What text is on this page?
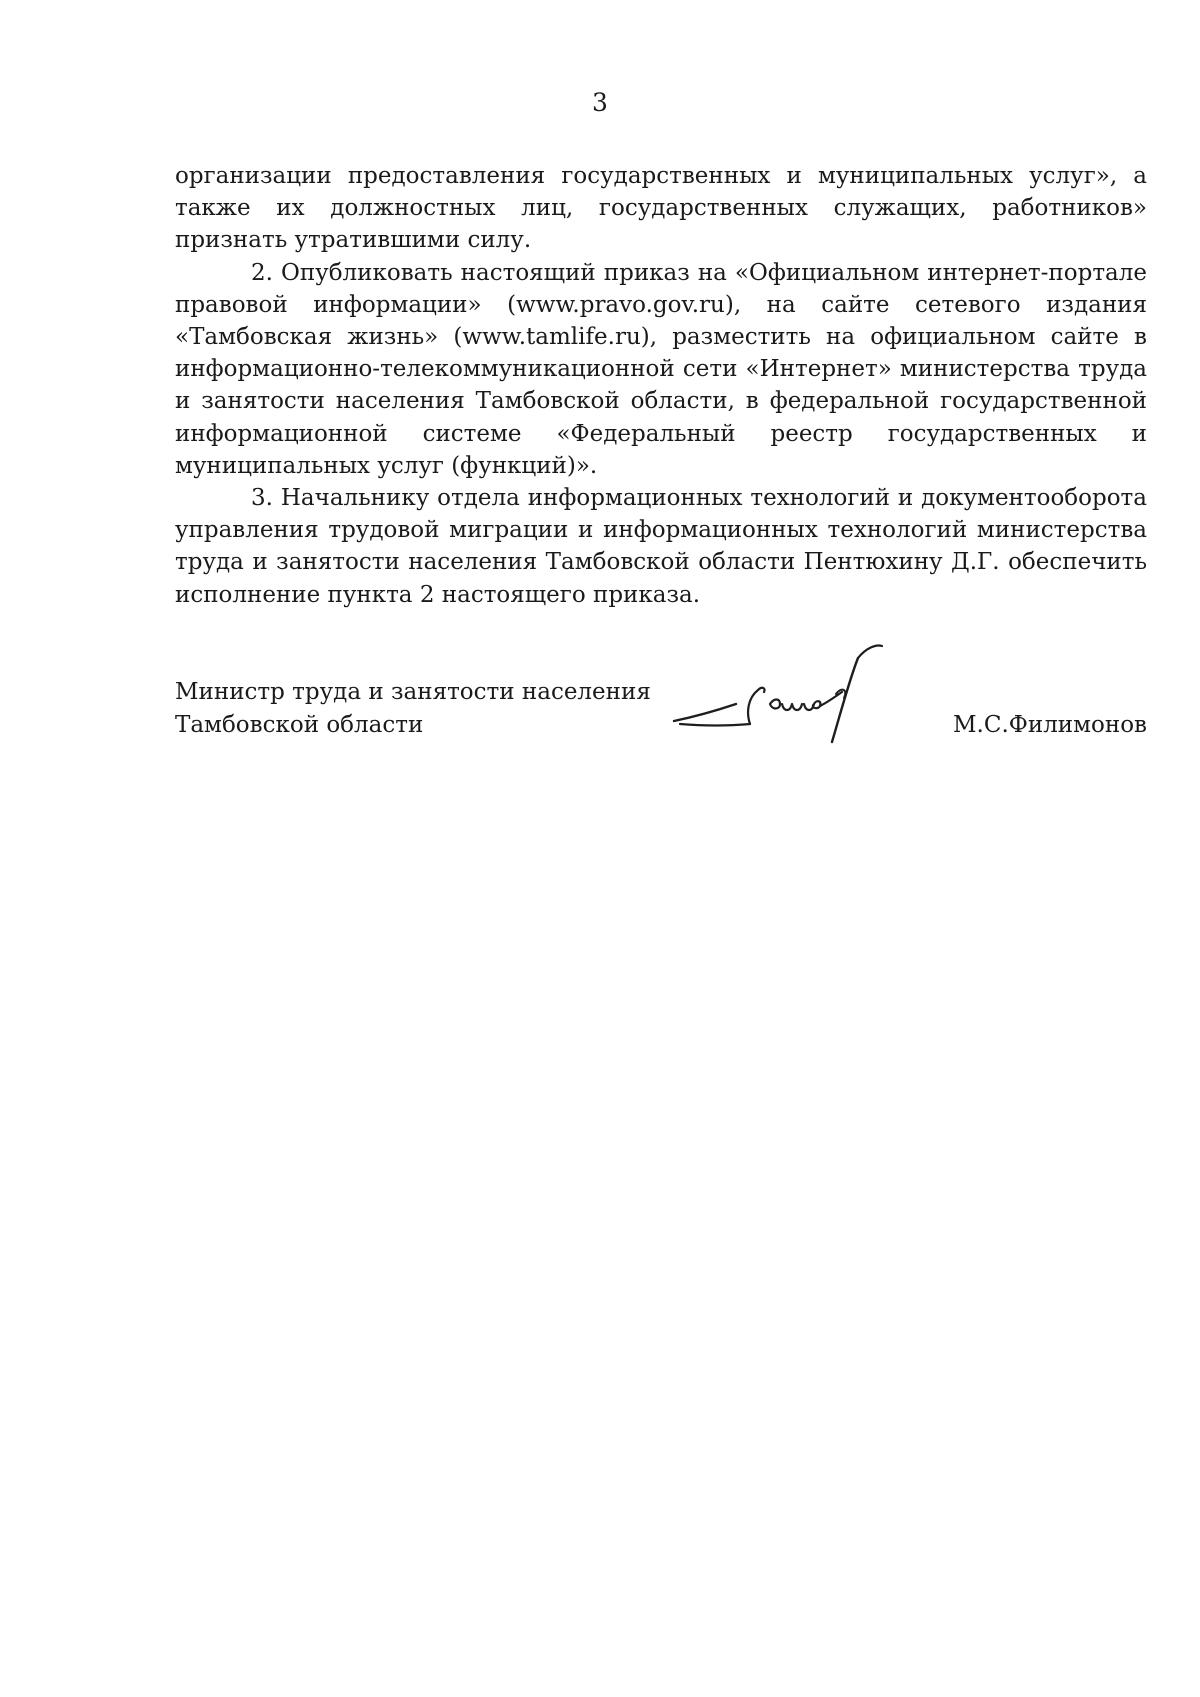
3

организации предоставления государственных и муниципальных услуг», а также их должностных лиц, государственных служащих, работников» признать утратившими силу.

2. Опубликовать настоящий приказ на «Официальном интернет-портале правовой информации» (www.pravo.gov.ru), на сайте сетевого издания «Тамбовская жизнь» (www.tamlife.ru), разместить на официальном сайте в информационно-телекоммуникационной сети «Интернет» министерства труда и занятости населения Тамбовской области, в федеральной государственной информационной системе «Федеральный реестр государственных и муниципальных услуг (функций)».

3. Начальнику отдела информационных технологий и документооборота управления трудовой миграции и информационных технологий министерства труда и занятости населения Тамбовской области Пентюхину Д.Г. обеспечить исполнение пункта 2 настоящего приказа.

Министр труда и занятости населения
Тамбовской области	М.С.Филимонов
